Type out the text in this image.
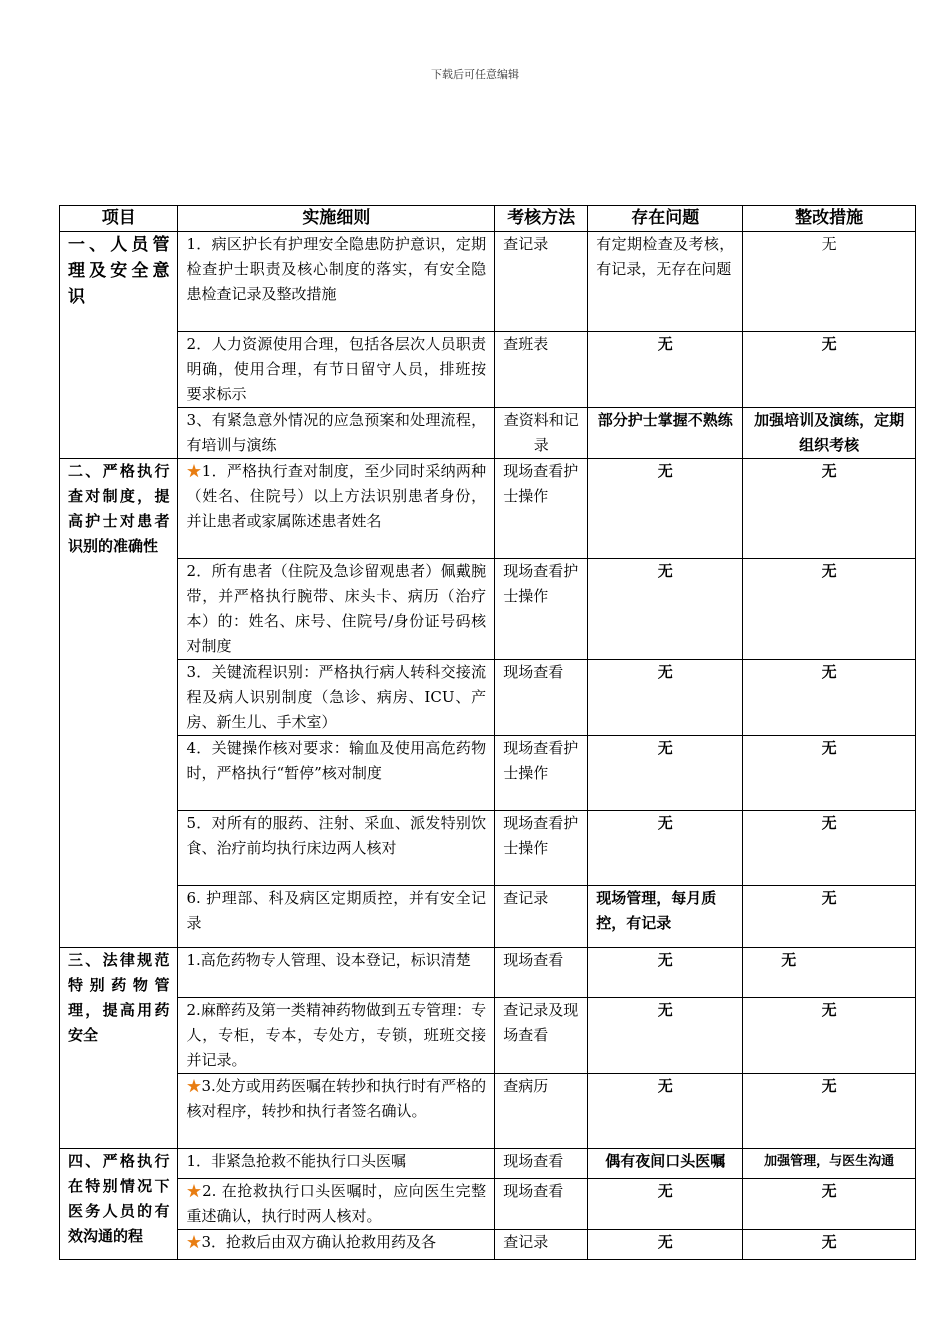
下载后可任意编辑
项目	实施细则	考核方法	存在问题	整改措施
一、人员管理及安全意识	1．病区护长有护理安全隐患防护意识，定期检查护士职责及核心制度的落实，有安全隐患检查记录及整改措施	查记录	有定期检查及考核，有记录，无存在问题	无
	2．人力资源使用合理，包括各层次人员职责明确，使用合理，有节日留守人员，排班按要求标示	查班表	无	无
	3、有紧急意外情况的应急预案和处理流程，有培训与演练	查资料和记录	部分护士掌握不熟练	加强培训及演练，定期组织考核
二、严格执行查对制度，提高护士对患者识别的准确性	★1．严格执行查对制度，至少同时采纳两种（姓名、住院号）以上方法识别患者身份，并让患者或家属陈述患者姓名	现场查看护士操作	无	无
	2．所有患者（住院及急诊留观患者）佩戴腕带，并严格执行腕带、床头卡、病历（治疗本）的：姓名、床号、住院号/身份证号码核对制度	现场查看护士操作	无	无
	3．关键流程识别：严格执行病人转科交接流程及病人识别制度（急诊、病房、ICU、产房、新生儿、手术室）	现场查看	无	无
	4．关键操作核对要求：输血及使用高危药物时，严格执行“暂停”核对制度	现场查看护士操作	无	无
	5．对所有的服药、注射、采血、派发特别饮食、治疗前均执行床边两人核对	现场查看护士操作	无	无
	6. 护理部、科及病区定期质控，并有安全记录	查记录	现场管理，每月质控，有记录	无
三、法律规范特别药物管理，提高用药安全	1.高危药物专人管理、设本登记，标识清楚	现场查看	无	无
	2.麻醉药及第一类精神药物做到五专管理：专人，专柜，专本，专处方，专锁，班班交接并记录。	查记录及现场查看	无	无
	★3.处方或用药医嘱在转抄和执行时有严格的核对程序，转抄和执行者签名确认。	查病历	无	无
四、严格执行在特别情况下医务人员的有效沟通的程	1．非紧急抢救不能执行口头医嘱	现场查看	偶有夜间口头医嘱	加强管理，与医生沟通
	★2. 在抢救执行口头医嘱时，应向医生完整重述确认，执行时两人核对。	现场查看	无	无
	★3．抢救后由双方确认抢救用药及各	查记录	无	无
